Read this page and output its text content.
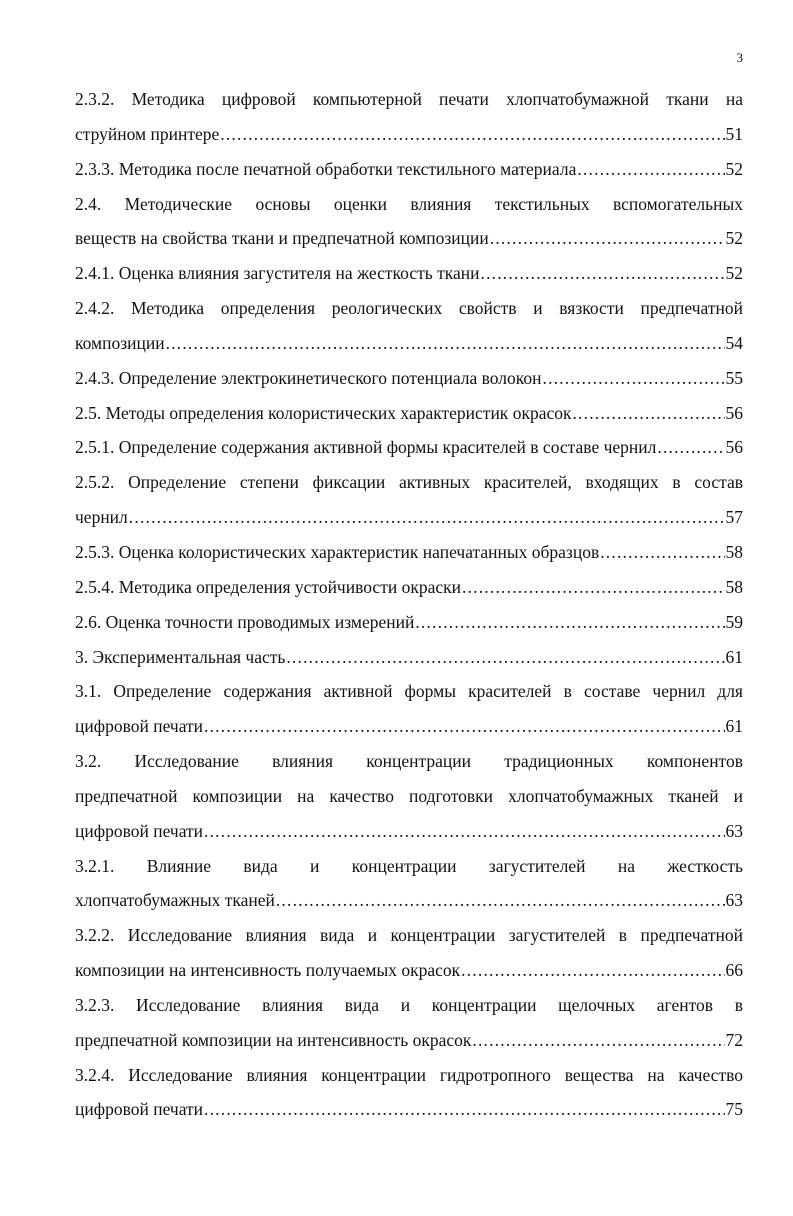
3
2.3.2. Методика цифровой компьютерной печати хлопчатобумажной ткани на
струйном принтере .....	51
2.3.3. Методика после печатной обработки текстильного материала .....	52
2.4. Методические основы оценки влияния текстильных вспомогательных
веществ на свойства ткани и предпечатной композиции .....	52
2.4.1. Оценка влияния загустителя на жесткость ткани .....	52
2.4.2. Методика определения реологических свойств и вязкости предпечатной
композиции .....	54
2.4.3. Определение электрокинетического потенциала волокон .....	55
2.5. Методы определения колористических характеристик окрасок .....	56
2.5.1. Определение содержания активной формы красителей в составе чернил .....	56
2.5.2. Определение степени фиксации активных красителей, входящих в состав
чернил .....	57
2.5.3. Оценка колористических характеристик напечатанных образцов .....	58
2.5.4. Методика определения устойчивости окраски .....	58
2.6. Оценка точности проводимых измерений .....	59
3. Экспериментальная часть .....	61
3.1. Определение содержания активной формы красителей в составе чернил для
цифровой печати .....	61
3.2. Исследование влияния концентрации традиционных компонентов
предпечатной композиции на качество подготовки хлопчатобумажных тканей и
цифровой печати .....	63
3.2.1. Влияние вида и концентрации загустителей на жесткость
хлопчатобумажных тканей .....	63
3.2.2. Исследование влияния вида и концентрации загустителей в предпечатной
композиции на интенсивность получаемых окрасок .....	66
3.2.3. Исследование влияния вида и концентрации щелочных агентов в
предпечатной композиции на интенсивность окрасок .....	72
3.2.4. Исследование влияния концентрации гидротропного вещества на качество
цифровой печати .....	75
